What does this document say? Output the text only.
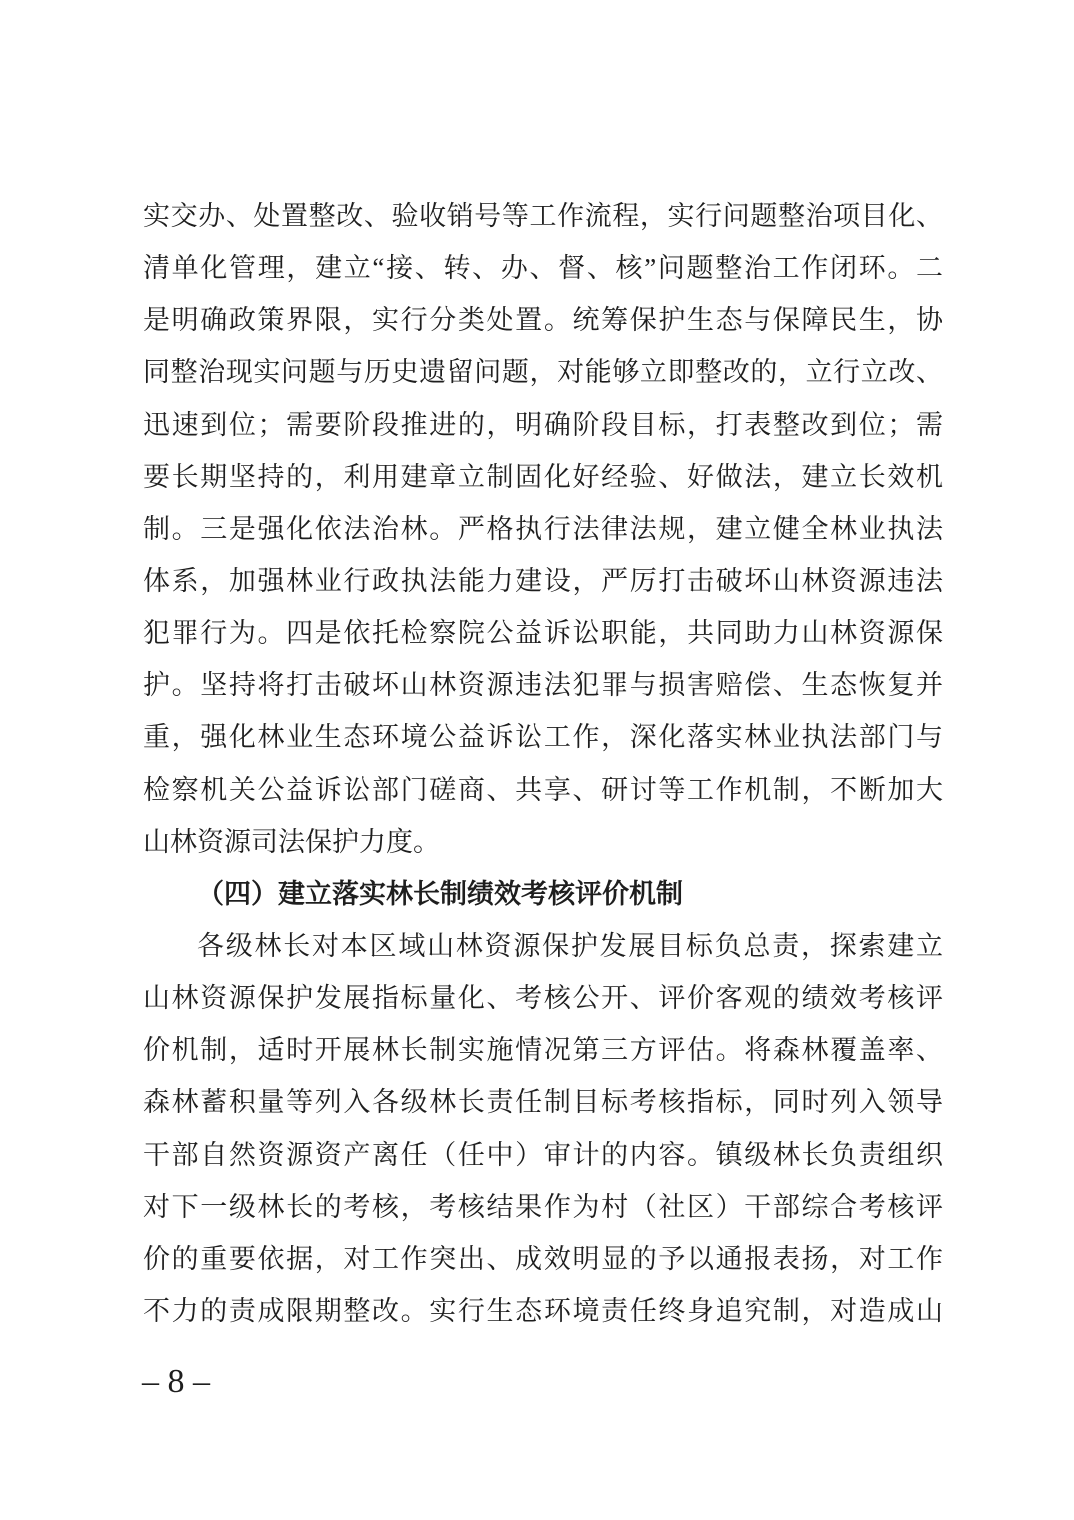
实交办、处置整改、验收销号等工作流程，实行问题整治项目化、
清单化管理，建立“接、转、办、督、核”问题整治工作闭环。二
是明确政策界限，实行分类处置。统筹保护生态与保障民生，协
同整治现实问题与历史遗留问题，对能够立即整改的，立行立改、
迅速到位；需要阶段推进的，明确阶段目标，打表整改到位；需
要长期坚持的，利用建章立制固化好经验、好做法，建立长效机
制。三是强化依法治林。严格执行法律法规，建立健全林业执法
体系，加强林业行政执法能力建设，严厉打击破坏山林资源违法
犯罪行为。四是依托检察院公益诉讼职能，共同助力山林资源保
护。坚持将打击破坏山林资源违法犯罪与损害赔偿、生态恢复并
重，强化林业生态环境公益诉讼工作，深化落实林业执法部门与
检察机关公益诉讼部门磋商、共享、研讨等工作机制，不断加大
山林资源司法保护力度。
（四）建立落实林长制绩效考核评价机制
各级林长对本区域山林资源保护发展目标负总责，探索建立
山林资源保护发展指标量化、考核公开、评价客观的绩效考核评
价机制，适时开展林长制实施情况第三方评估。将森林覆盖率、
森林蓄积量等列入各级林长责任制目标考核指标，同时列入领导
干部自然资源资产离任（任中）审计的内容。镇级林长负责组织
对下一级林长的考核，考核结果作为村（社区）干部综合考核评
价的重要依据，对工作突出、成效明显的予以通报表扬，对工作
不力的责成限期整改。实行生态环境责任终身追究制，对造成山
– 8 –
